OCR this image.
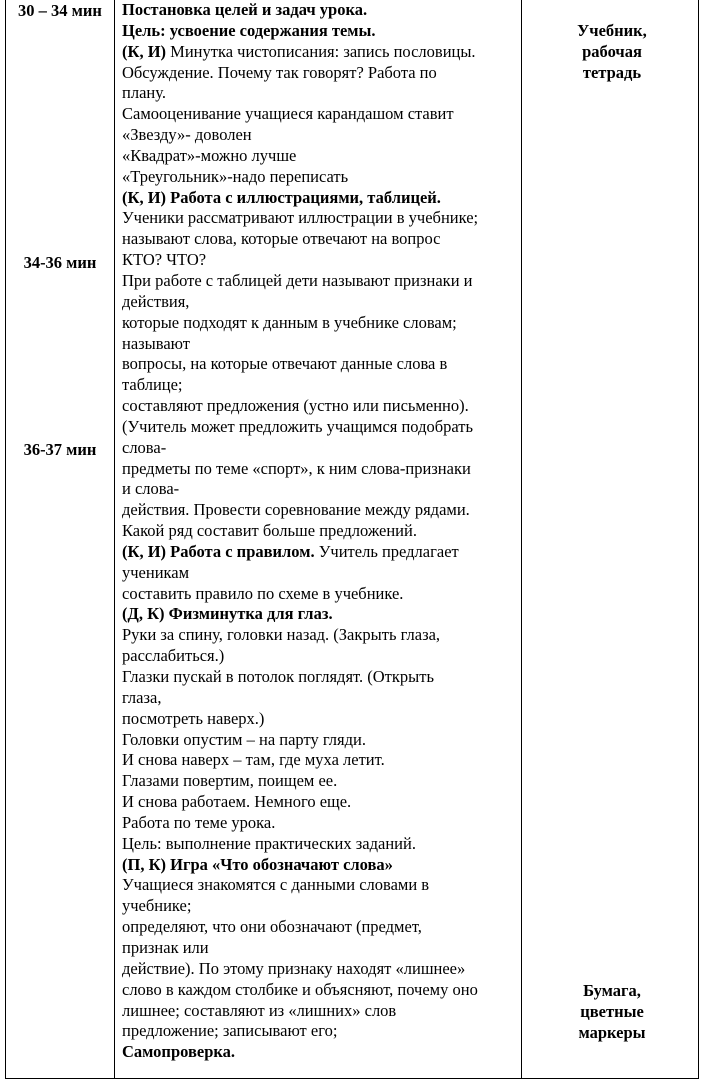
30 – 34 мин
34-36 мин
36-37 мин
Постановка целей и задач урока.
Цель: усвоение содержания темы.
(К, И) Минутка чистописания: запись пословицы.
Обсуждение. Почему так говорят? Работа по
плану.
Самооценивание учащиеся карандашом ставит
«Звезду»- доволен
«Квадрат»-можно лучше
«Треугольник»-надо переписать
(К, И) Работа с иллюстрациями, таблицей.
Ученики рассматривают иллюстрации в учебнике;
называют слова, которые отвечают на вопрос
КТО? ЧТО?
При работе с таблицей дети называют признаки и
действия,
которые подходят к данным в учебнике словам;
называют
вопросы, на которые отвечают данные слова в
таблице;
составляют предложения (устно или письменно).
(Учитель может предложить учащимся подобрать
слова-
предметы по теме «спорт», к ним слова-признаки
и слова-
действия. Провести соревнование между рядами.
Какой ряд составит больше предложений.
(К, И) Работа с правилом. Учитель предлагает
ученикам
составить правило по схеме в учебнике.
(Д, К) Физминутка для глаз.
Руки за спину, головки назад. (Закрыть глаза,
расслабиться.)
Глазки пускай в потолок поглядят. (Открыть
глаза,
посмотреть наверх.)
Головки опустим – на парту гляди.
И снова наверх – там, где муха летит.
Глазами повертим, поищем ее.
И снова работаем. Немного еще.
Работа по теме урока.
Цель: выполнение практических заданий.
(П, К) Игра «Что обозначают слова»
Учащиеся знакомятся с данными словами в
учебнике;
определяют, что они обозначают (предмет,
признак или
действие). По этому признаку находят «лишнее»
слово в каждом столбике и объясняют, почему оно
лишнее; составляют из «лишних» слов
предложение; записывают его;
Самопроверка.
Учебник,
рабочая
тетрадь
Бумага,
цветные
маркеры
